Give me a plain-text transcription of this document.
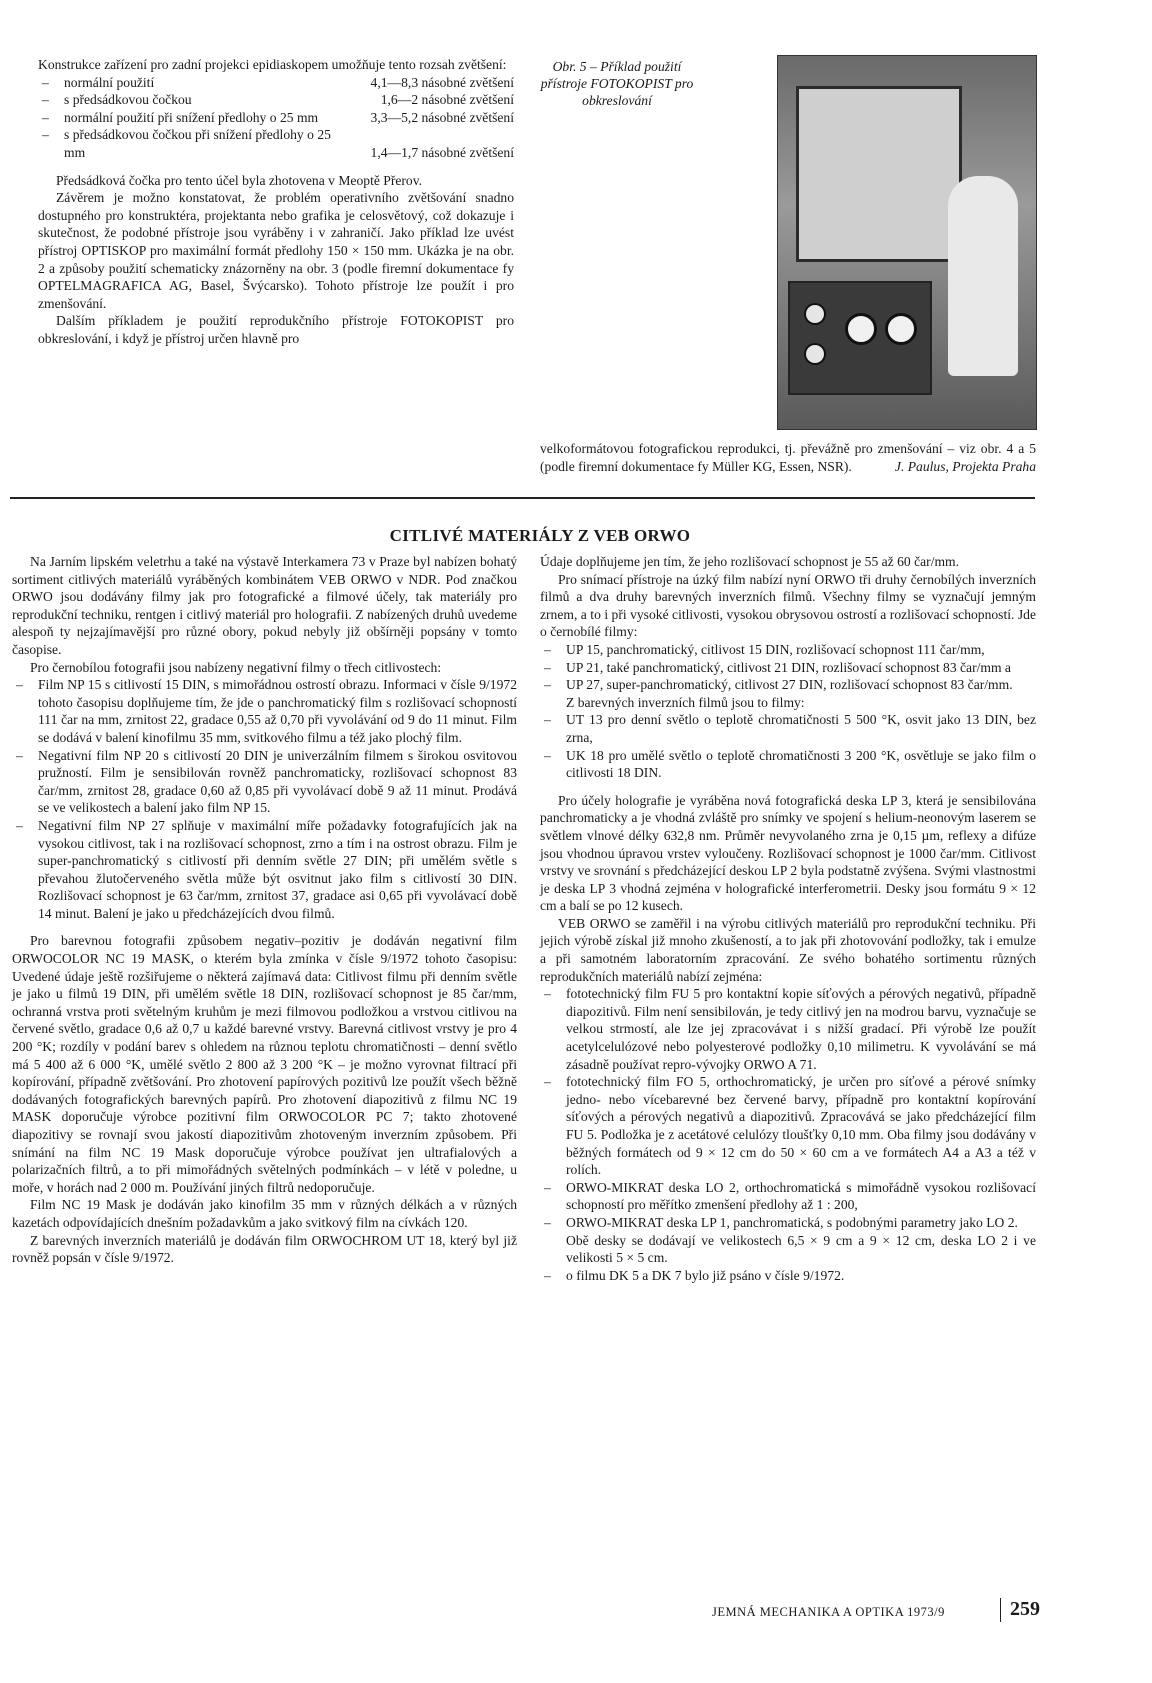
Konstrukce zařízení pro zadní projekci epidiaskopem umožňuje tento rozsah zvětšení:

– normální použití	4,1—8,3 násobné zvětšení
– s předsádkovou čočkou	1,6—2 násobné zvětšení
– normální použití při snížení předlohy o 25 mm	3,3—5,2 násobné zvětšení
– s předsádkovou čočkou při snížení předlohy o 25 mm	1,4—1,7 násobné zvětšení

Předsádková čočka pro tento účel byla zhotovena v Meoptě Přerov.

Závěrem je možno konstatovat, že problém operativního zvětšování snadno dostupného pro konstruktéra, projektanta nebo grafika je celosvětový, což dokazuje i skutečnost, že podobné přístroje jsou vyráběny i v zahraničí. Jako příklad lze uvést přístroj OPTISKOP pro maximální formát předlohy 150 × 150 mm. Ukázka je na obr. 2 a způsoby použití schematicky znázorněny na obr. 3 (podle firemní dokumentace fy OPTELMAGRAFICA AG, Basel, Švýcarsko). Tohoto přístroje lze použít i pro zmenšování.

Dalším příkladem je použití reprodukčního přístroje FOTOKOPIST pro obkreslování, i když je přístroj určen hlavně pro

Obr. 5 – Příklad použití přístroje FOTOKOPIST pro obkreslování

velkoformátovou fotografickou reprodukci, tj. převážně pro zmenšování – viz obr. 4 a 5 (podle firemní dokumentace fy Müller KG, Essen, NSR).	J. Paulus, Projekta Praha

CITLIVÉ MATERIÁLY Z VEB ORWO

Na Jarním lipském veletrhu a také na výstavě Interkamera 73 v Praze byl nabízen bohatý sortiment citlivých materiálů vyráběných kombinátem VEB ORWO v NDR. Pod značkou ORWO jsou dodávány filmy jak pro fotografické a filmové účely, tak materiály pro reprodukční techniku, rentgen i citlivý materiál pro holografii. Z nabízených druhů uvedeme alespoň ty nejzajímavější pro různé obory, pokud nebyly již obšírněji popsány v tomto časopise.

Pro černobílou fotografii jsou nabízeny negativní filmy o třech citlivostech:

– Film NP 15 s citlivostí 15 DIN, s mimořádnou ostrostí obrazu. Informaci v čísle 9/1972 tohoto časopisu doplňujeme tím, že jde o panchromatický film s rozlišovací schopností 111 čar na mm, zrnitost 22, gradace 0,55 až 0,70 při vyvolávání od 9 do 11 minut. Film se dodává v balení kinofilmu 35 mm, svitkového filmu a též jako plochý film.

– Negativní film NP 20 s citlivostí 20 DIN je univerzálním filmem s širokou osvitovou pružností. Film je sensibilován rovněž panchromaticky, rozlišovací schopnost 83 čar/mm, zrnitost 28, gradace 0,60 až 0,85 při vyvolávací době 9 až 11 minut. Prodává se ve velikostech a balení jako film NP 15.

– Negativní film NP 27 splňuje v maximální míře požadavky fotografujících jak na vysokou citlivost, tak i na rozlišovací schopnost, zrno a tím i na ostrost obrazu. Film je super-panchromatický s citlivostí při denním světle 27 DIN; při umělém světle s převahou žlutočerveného světla může být osvitnut jako film s citlivostí 30 DIN. Rozlišovací schopnost je 63 čar/mm, zrnitost 37, gradace asi 0,65 při vyvolávací době 14 minut. Balení je jako u předcházejících dvou filmů.

Pro barevnou fotografii způsobem negativ–pozitiv je dodáván negativní film ORWOCOLOR NC 19 MASK, o kterém byla zmínka v čísle 9/1972 tohoto časopisu: Uvedené údaje ještě rozšiřujeme o některá zajímavá data: Citlivost filmu při denním světle je jako u filmů 19 DIN, při umělém světle 18 DIN, rozlišovací schopnost je 85 čar/mm, ochranná vrstva proti světelným kruhům je mezi filmovou podložkou a vrstvou citlivou na červené světlo, gradace 0,6 až 0,7 u každé barevné vrstvy. Barevná citlivost vrstvy je pro 4 200 °K; rozdíly v podání barev s ohledem na různou teplotu chromatičnosti – denní světlo má 5 400 až 6 000 °K, umělé světlo 2 800 až 3 200 °K – je možno vyrovnat filtrací při kopírování, případně zvětšování. Pro zhotovení papírových pozitivů lze použít všech běžně dodávaných fotografických barevných papírů. Pro zhotovení diapozitivů z filmu NC 19 MASK doporučuje výrobce pozitivní film ORWOCOLOR PC 7; takto zhotovené diapozitivy se rovnají svou jakostí diapozitivům zhotoveným inverzním způsobem. Při snímání na film NC 19 Mask doporučuje výrobce používat jen ultrafialových a polarizačních filtrů, a to při mimořádných světelných podmínkách – v létě v poledne, u moře, v horách nad 2 000 m. Používání jiných filtrů nedoporučuje.

Film NC 19 Mask je dodáván jako kinofilm 35 mm v různých délkách a v různých kazetách odpovídajících dnešním požadavkům a jako svitkový film na cívkách 120.

Z barevných inverzních materiálů je dodáván film ORWOCHROM UT 18, který byl již rovněž popsán v čísle 9/1972.

Údaje doplňujeme jen tím, že jeho rozlišovací schopnost je 55 až 60 čar/mm.

Pro snímací přístroje na úzký film nabízí nyní ORWO tři druhy černobílých inverzních filmů a dva druhy barevných inverzních filmů. Všechny filmy se vyznačují jemným zrnem, a to i při vysoké citlivosti, vysokou obrysovou ostrostí a rozlišovací schopností. Jde o černobílé filmy:

– UP 15, panchromatický, citlivost 15 DIN, rozlišovací schopnost 111 čar/mm,

– UP 21, také panchromatický, citlivost 21 DIN, rozlišovací schopnost 83 čar/mm a

– UP 27, super-panchromatický, citlivost 27 DIN, rozlišovací schopnost 83 čar/mm.

Z barevných inverzních filmů jsou to filmy:

– UT 13 pro denní světlo o teplotě chromatičnosti 5 500 °K, osvit jako 13 DIN, bez zrna,

– UK 18 pro umělé světlo o teplotě chromatičnosti 3 200 °K, osvětluje se jako film o citlivosti 18 DIN.

Pro účely holografie je vyráběna nová fotografická deska LP 3, která je sensibilována panchromaticky a je vhodná zvláště pro snímky ve spojení s helium-neonovým laserem se světlem vlnové délky 632,8 nm. Průměr nevyvolaného zrna je 0,15 µm, reflexy a difúze jsou vhodnou úpravou vrstev vyloučeny. Rozlišovací schopnost je 1000 čar/mm. Citlivost vrstvy ve srovnání s předcházející deskou LP 2 byla podstatně zvýšena. Svými vlastnostmi je deska LP 3 vhodná zejména v holografické interferometrii. Desky jsou formátu 9 × 12 cm a balí se po 12 kusech.

VEB ORWO se zaměřil i na výrobu citlivých materiálů pro reprodukční techniku. Při jejich výrobě získal již mnoho zkušeností, a to jak při zhotovování podložky, tak i emulze a při samotném laboratorním zpracování. Ze svého bohatého sortimentu různých reprodukčních materiálů nabízí zejména:

– fototechnický film FU 5 pro kontaktní kopie síťových a pérových negativů, případně diapozitivů. Film není sensibilován, je tedy citlivý jen na modrou barvu, vyznačuje se velkou strmostí, ale lze jej zpracovávat i s nižší gradací. Při výrobě lze použít acetylcelulózové nebo polyesterové podložky 0,10 milimetru. K vyvolávání se má zásadně používat repro-vývojky ORWO A 71.

– fototechnický film FO 5, orthochromatický, je určen pro síťové a pérové snímky jedno- nebo vícebarevné bez červené barvy, případně pro kontaktní kopírování síťových a pérových negativů a diapozitivů. Zpracovává se jako předcházející film FU 5. Podložka je z acetátové celulózy tloušťky 0,10 mm. Oba filmy jsou dodávány v běžných formátech od 9 × 12 cm do 50 × 60 cm a ve formátech A4 a A3 a též v rolích.

– ORWO-MIKRAT deska LO 2, orthochromatická s mimořádně vysokou rozlišovací schopností pro měřítko zmenšení předlohy až 1 : 200,

– ORWO-MIKRAT deska LP 1, panchromatická, s podobnými parametry jako LO 2.

Obě desky se dodávají ve velikostech 6,5 × 9 cm a 9 × 12 cm, deska LO 2 i ve velikosti 5 × 5 cm.

– o filmu DK 5 a DK 7 bylo již psáno v čísle 9/1972.

JEMNÁ MECHANIKA A OPTIKA 1973/9	259
